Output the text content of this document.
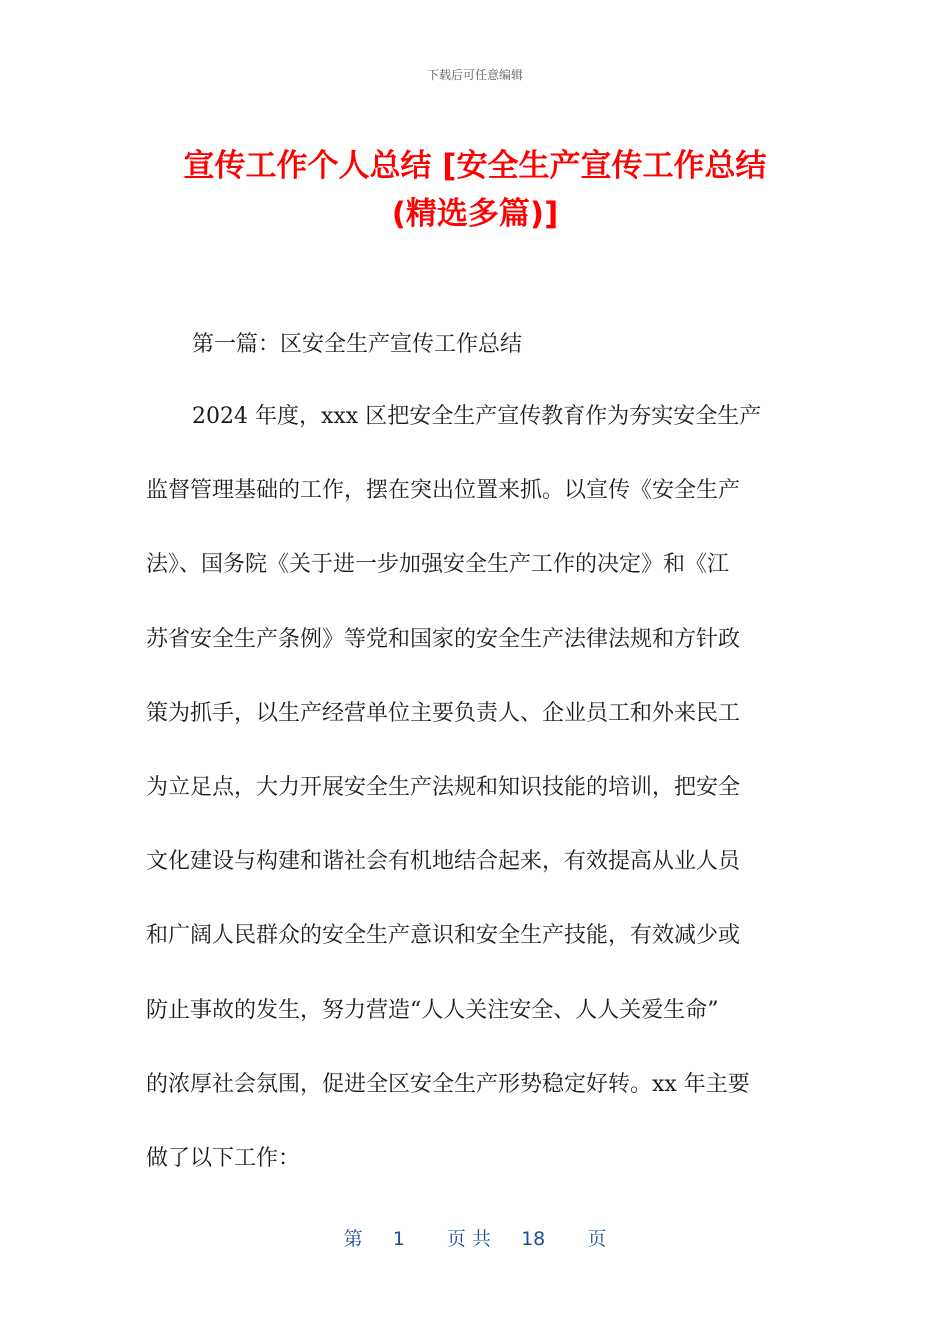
下载后可任意编辑
宣传工作个人总结 [安全生产宣传工作总结
(精选多篇)]
第一篇：区安全生产宣传工作总结
2024 年度，xxx 区把安全生产宣传教育作为夯实安全生产
监督管理基础的工作，摆在突出位置来抓。以宣传《安全生产
法》、国务院《关于进一步加强安全生产工作的决定》和《江
苏省安全生产条例》等党和国家的安全生产法律法规和方针政
策为抓手，以生产经营单位主要负责人、企业员工和外来民工
为立足点，大力开展安全生产法规和知识技能的培训，把安全
文化建设与构建和谐社会有机地结合起来，有效提高从业人员
和广阔人民群众的安全生产意识和安全生产技能，有效减少或
防止事故的发生，努力营造“人人关注安全、人人关爱生命”
的浓厚社会氛围，促进全区安全生产形势稳定好转。xx 年主要
做了以下工作：
第 1 页 共 18 页
